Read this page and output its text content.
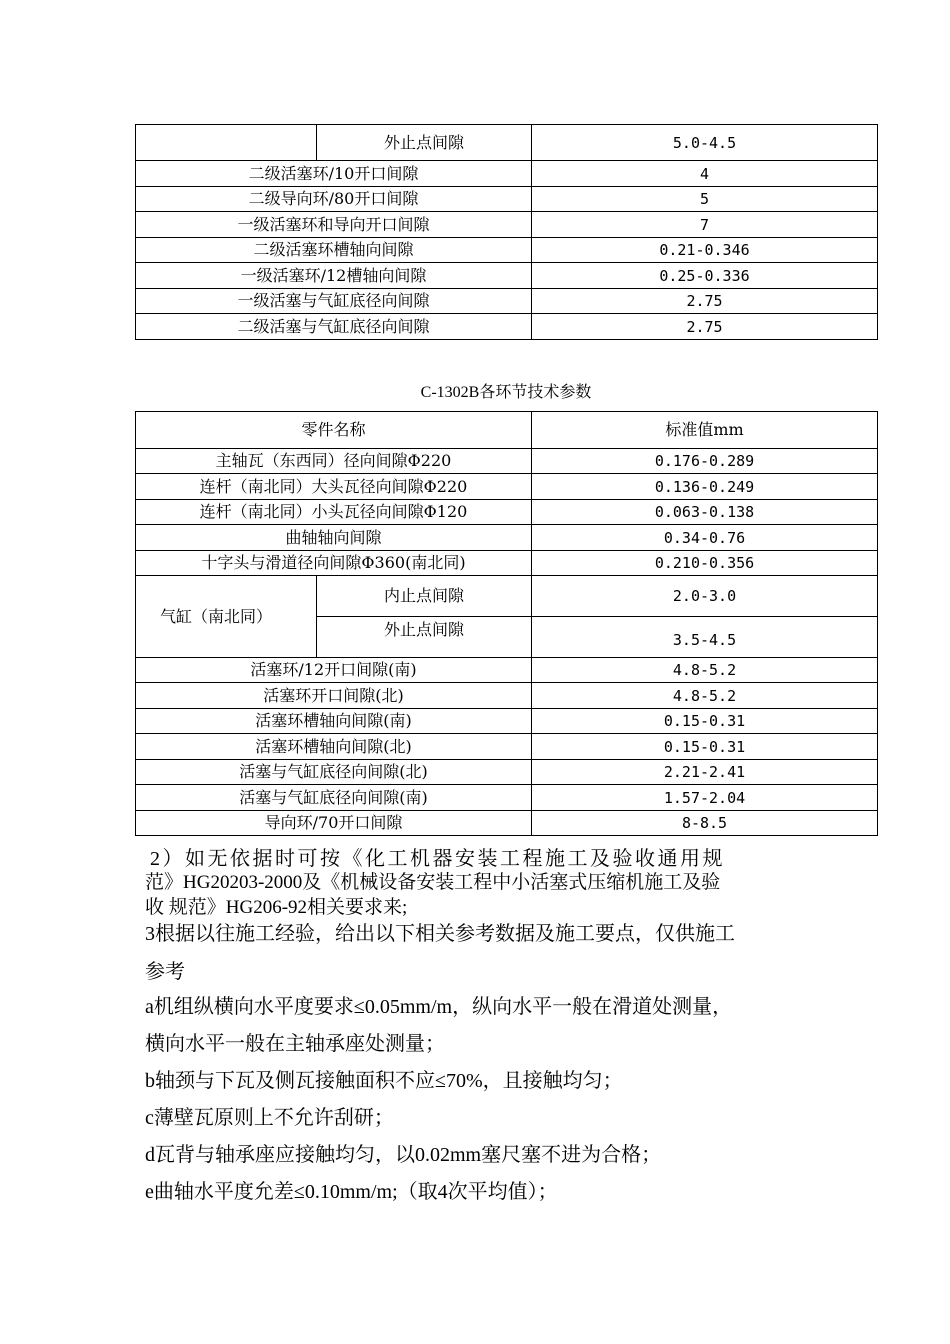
	外止点间隙	5.0-4.5
二级活塞环/10开口间隙		4
二级导向环/80开口间隙		5
一级活塞环和导向开口间隙		7
二级活塞环槽轴向间隙		0.21-0.346
一级活塞环/12槽轴向间隙		0.25-0.336
一级活塞与气缸底径向间隙		2.75
二级活塞与气缸底径向间隙		2.75
C-1302B各环节技术参数
零件名称		标准值mm
主轴瓦（东西同）径向间隙Φ220		0.176-0.289
连杆（南北同）大头瓦径向间隙Φ220		0.136-0.249
连杆（南北同）小头瓦径向间隙Φ120		0.063-0.138
曲轴轴向间隙		0.34-0.76
十字头与滑道径向间隙Φ360(南北同)		0.210-0.356
气缸（南北同）	内止点间隙	2.0-3.0
	外止点间隙	3.5-4.5
活塞环/12开口间隙(南)		4.8-5.2
活塞环开口间隙(北)		4.8-5.2
活塞环槽轴向间隙(南)		0.15-0.31
活塞环槽轴向间隙(北)		0.15-0.31
活塞与气缸底径向间隙(北)		2.21-2.41
活塞与气缸底径向间隙(南)		1.57-2.04
导向环/70开口间隙		8-8.5
2）如无依据时可按《化工机器安装工程施工及验收通用规
范》HG20203-2000及《机械设备安装工程中小活塞式压缩机施工及验
收 规范》HG206-92相关要求来;
3根据以往施工经验，给出以下相关参考数据及施工要点，仅供施工
参考
a机组纵横向水平度要求≤0.05mm/m，纵向水平一般在滑道处测量，
横向水平一般在主轴承座处测量；
b轴颈与下瓦及侧瓦接触面积不应≤70%，且接触均匀；
c薄壁瓦原则上不允许刮研；
d瓦背与轴承座应接触均匀，以0.02mm塞尺塞不进为合格；
e曲轴水平度允差≤0.10mm/m;（取4次平均值）；
